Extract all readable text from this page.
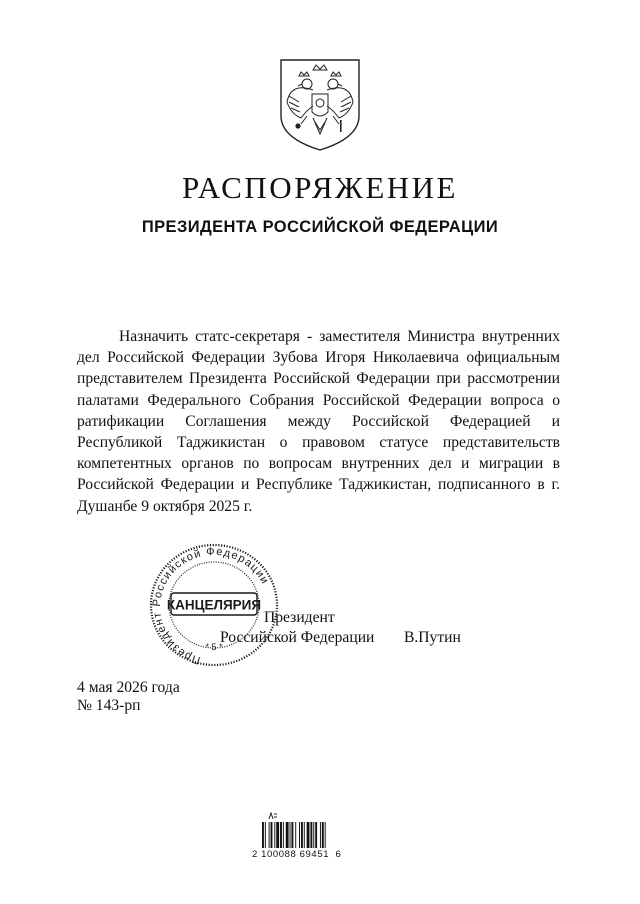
РАСПОРЯЖЕНИЕ
ПРЕЗИДЕНТА РОССИЙСКОЙ ФЕДЕРАЦИИ
Назначить статс-секретаря - заместителя Министра внутренних дел Российской Федерации Зубова Игоря Николаевича официальным представителем Президента Российской Федерации при рассмотрении палатами Федерального Собрания Российской Федерации вопроса о ратификации Соглашения между Российской Федерацией и Республикой Таджикистан о правовом статусе представительств компетентных органов по вопросам внутренних дел и миграции в Российской Федерации и Республике Таджикистан, подписанного в г. Душанбе 9 октября 2025 г.
Президент
Российской Федерации В.Путин
Президент Российской Федерации
КАНЦЕЛЯРИЯ
* 5 *
4 мая 2026 года
№ 143-рп
2 100088 69451  6
